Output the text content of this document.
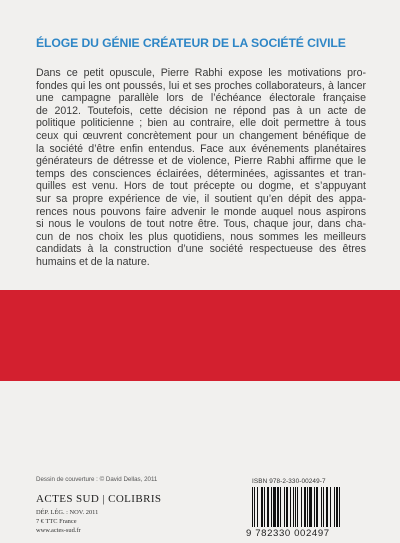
ÉLOGE DU GÉNIE CRÉATEUR DE LA SOCIÉTÉ CIVILE
Dans ce petit opuscule, Pierre Rabhi expose les motivations pro-
fondes qui les ont poussés, lui et ses proches collaborateurs, à lancer
une campagne parallèle lors de l’échéance électorale française
de 2012. Toutefois, cette décision ne répond pas à un acte de
politique politicienne ; bien au contraire, elle doit permettre à tous
ceux qui œuvrent concrètement pour un changement bénéfique de
la société d’être enfin entendus. Face aux événements planétaires
générateurs de détresse et de violence, Pierre Rabhi affirme que le
temps des consciences éclairées, déterminées, agissantes et tran-
quilles est venu. Hors de tout précepte ou dogme, et s’appuyant
sur sa propre expérience de vie, il soutient qu’en dépit des appa-
rences nous pouvons faire advenir le monde auquel nous aspirons
si nous le voulons de tout notre être. Tous, chaque jour, dans cha-
cun de nos choix les plus quotidiens, nous sommes les meilleurs
candidats à la construction d’une société respectueuse des êtres
humains et de la nature.
Dessin de couverture : © David Dellas, 2011
ACTES SUD | COLIBRIS
DÉP. LÉG. : NOV. 2011
7 € TTC France
www.actes-sud.fr
ISBN 978-2-330-00249-7
9 782330 002497
